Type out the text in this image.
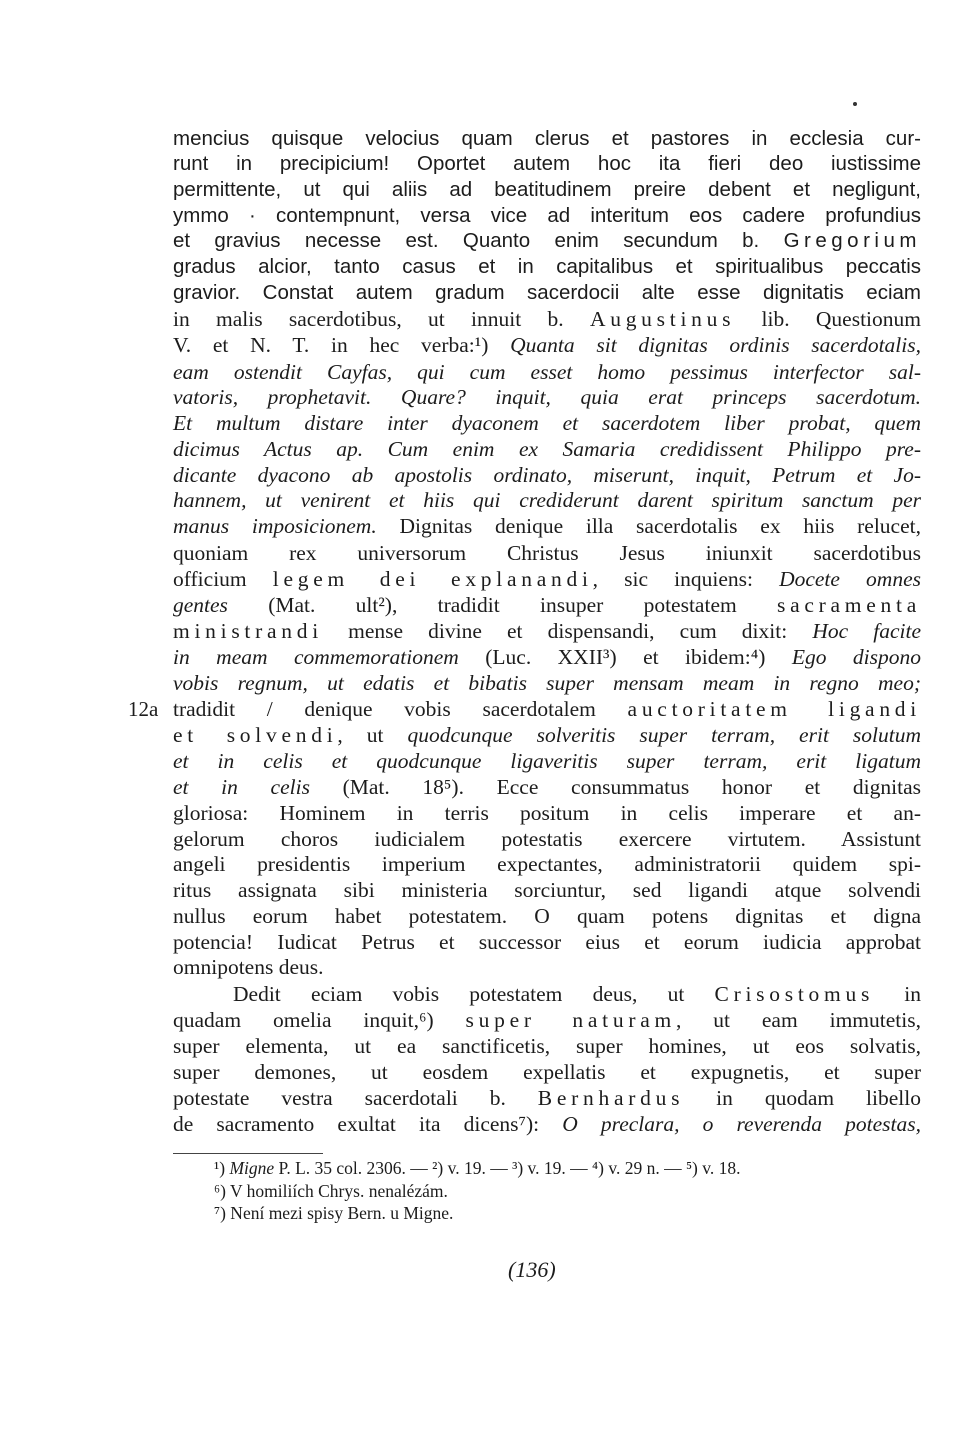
12a
mencius quisque velocius quam clerus et pastores in ecclesia cur-
runt in precipicium! Oportet autem hoc ita fieri deo iustissime
permittente, ut qui aliis ad beatitudinem preire debent et negligunt,
ymmo · contempnunt, versa vice ad interitum eos cadere profundius
et gravius necesse est. Quanto enim secundum b. Gregorium
gradus alcior, tanto casus et in capitalibus et spiritualibus peccatis
gravior. Constat autem gradum sacerdocii alte esse dignitatis eciam
in malis sacerdotibus, ut innuit b. Augustinus lib. Questionum
V. et N. T. in hec verba:¹) Quanta sit dignitas ordinis sacerdotalis,
eam ostendit Cayfas, qui cum esset homo pessimus interfector sal-
vatoris, prophetavit. Quare? inquit, quia erat princeps sacerdotum.
Et multum distare inter dyaconem et sacerdotem liber probat, quem
dicimus Actus ap. Cum enim ex Samaria credidissent Philippo pre-
dicante dyacono ab apostolis ordinato, miserunt, inquit, Petrum et Jo-
hannem, ut venirent et hiis qui crediderunt darent spiritum sanctum per
manus imposicionem. Dignitas denique illa sacerdotalis ex hiis relucet,
quoniam rex universorum Christus Jesus iniunxit sacerdotibus
officium legem dei explanandi, sic inquiens: Docete omnes
gentes (Mat. ult²), tradidit insuper potestatem sacramenta
ministrandi mense divine et dispensandi, cum dixit: Hoc facite
in meam commemorationem (Luc. XXII³) et ibidem:⁴) Ego dispono
vobis regnum, ut edatis et bibatis super mensam meam in regno meo;
tradidit / denique vobis sacerdotalem auctoritatem ligandi
et solvendi, ut quodcunque solveritis super terram, erit solutum
et in celis et quodcunque ligaveritis super terram, erit ligatum
et in celis (Mat. 18⁵). Ecce consummatus honor et dignitas
gloriosa: Hominem in terris positum in celis imperare et an-
gelorum choros iudicialem potestatis exercere virtutem. Assistunt
angeli presidentis imperium expectantes, administratorii quidem spi-
ritus assignata sibi ministeria sorciuntur, sed ligandi atque solvendi
nullus eorum habet potestatem. O quam potens dignitas et digna
potencia! Iudicat Petrus et successor eius et eorum iudicia approbat
omnipotens deus.
Dedit eciam vobis potestatem deus, ut Crisostomus in
quadam omelia inquit,⁶) super naturam, ut eam immutetis,
super elementa, ut ea sanctificetis, super homines, ut eos solvatis,
super demones, ut eosdem expellatis et expugnetis, et super
potestate vestra sacerdotali b. Bernhardus in quodam libello
de sacramento exultat ita dicens⁷): O preclara, o reverenda potestas,
¹) Migne P. L. 35 col. 2306. — ²) v. 19. — ³) v. 19. — ⁴) v. 29 n. — ⁵) v. 18.
⁶) V homiliích Chrys. nenalézám.
⁷) Není mezi spisy Bern. u Migne.
(136)
